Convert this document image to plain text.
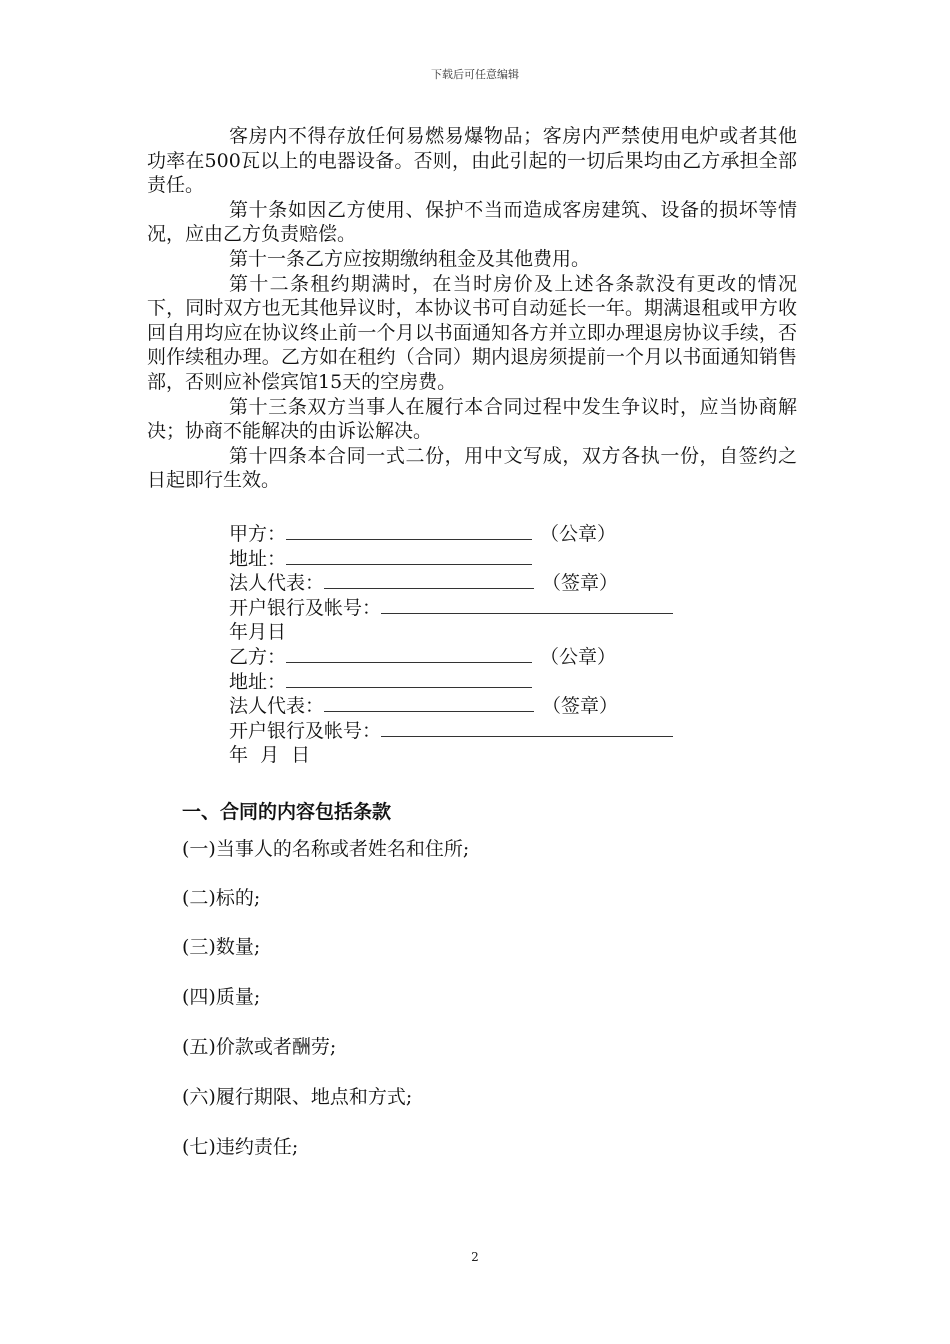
下载后可任意编辑

客房内不得存放任何易燃易爆物品；客房内严禁使用电炉或者其他功率在500瓦以上的电器设备。否则，由此引起的一切后果均由乙方承担全部责任。

第十条如因乙方使用、保护不当而造成客房建筑、设备的损坏等情况，应由乙方负责赔偿。

第十一条乙方应按期缴纳租金及其他费用。

第十二条租约期满时，在当时房价及上述各条款没有更改的情况下，同时双方也无其他异议时，本协议书可自动延长一年。期满退租或甲方收回自用均应在协议终止前一个月以书面通知各方并立即办理退房协议手续，否则作续租办理。乙方如在租约（合同）期内退房须提前一个月以书面通知销售部，否则应补偿宾馆15天的空房费。

第十三条双方当事人在履行本合同过程中发生争议时，应当协商解决；协商不能解决的由诉讼解决。

第十四条本合同一式二份，用中文写成，双方各执一份，自签约之日起即行生效。

甲方：	（公章）
地址：
法人代表：	（签章）
开户银行及帐号：
年月日
乙方：	（公章）
地址：
法人代表：	（签章）
开户银行及帐号：
年  月  日
一、合同的内容包括条款
(一)当事人的名称或者姓名和住所;
(二)标的;
(三)数量;
(四)质量;
(五)价款或者酬劳;
(六)履行期限、地点和方式;
(七)违约责任;
2
